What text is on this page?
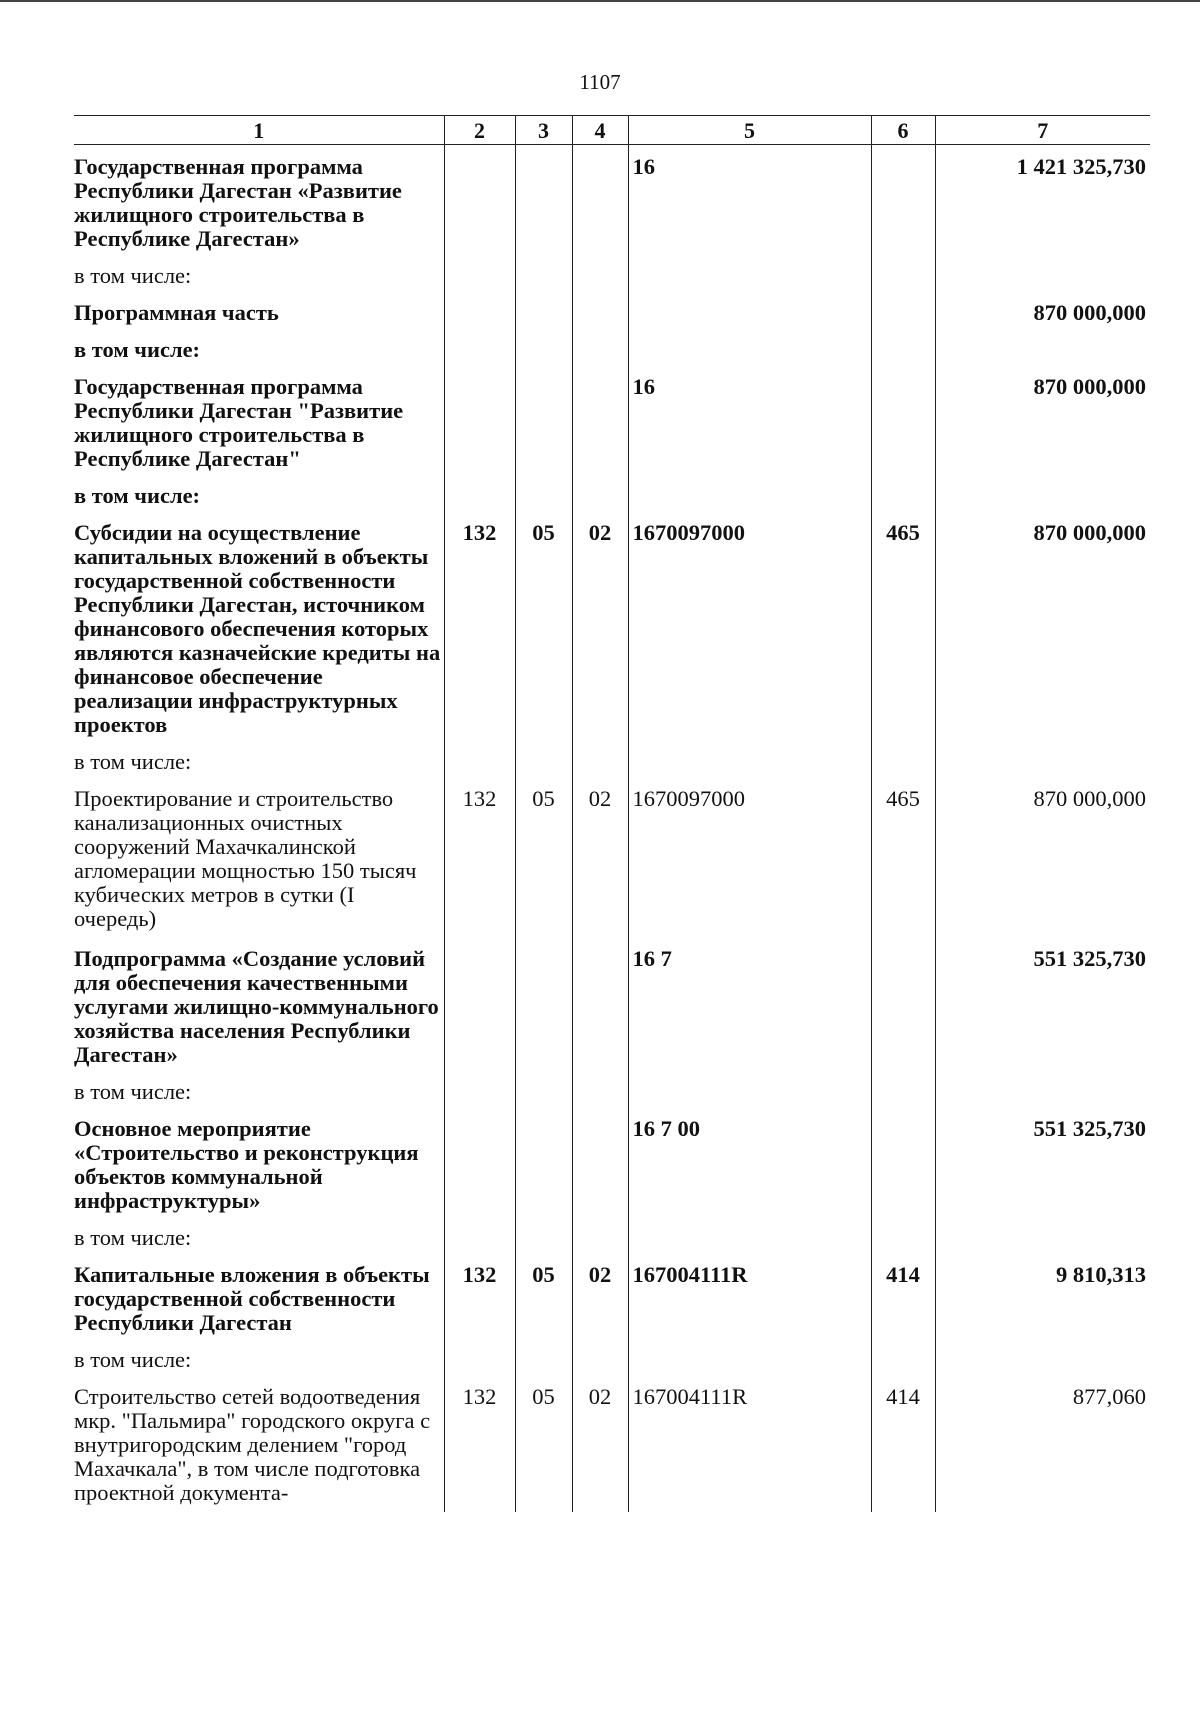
1107
1	2	3	4	5	6	7
Государственная программа Республики Дагестан «Развитие жилищного строительства в Республике Дагестан»				16		1 421 325,730
в том числе:						
Программная часть						870 000,000
в том числе:						
Государственная программа Республики Дагестан "Развитие жилищного строительства в Республике Дагестан"				16		870 000,000
в том числе:						
Субсидии на осуществление капитальных вложений в объекты государственной собственности Республики Дагестан, источником финансового обеспечения которых являются казначейские кредиты на финансовое обеспечение реализации инфраструктурных проектов	132	05	02	1670097000	465	870 000,000
в том числе:						
Проектирование и строительство канализационных очистных сооружений Махачкалинской агломерации мощностью 150 тысяч кубических метров в сутки (I очередь)	132	05	02	1670097000	465	870 000,000
Подпрограмма «Создание условий для обеспечения качественными услугами жилищно-коммунального хозяйства населения Республики Дагестан»				16 7		551 325,730
в том числе:						
Основное мероприятие «Строительство и реконструкция объектов коммунальной инфраструктуры»				16 7 00		551 325,730
в том числе:						
Капитальные вложения в объекты государственной собственности Республики Дагестан	132	05	02	167004111R	414	9 810,313
в том числе:						
Строительство сетей водоотведения мкр. "Пальмира" городского округа с внутригородским делением "город Махачкала", в том числе подготовка проектной документа-	132	05	02	167004111R	414	877,060
